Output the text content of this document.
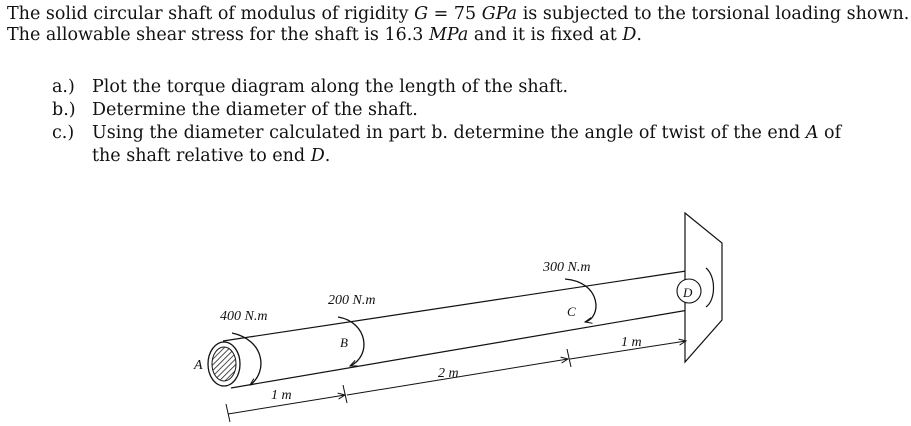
The solid circular shaft of modulus of rigidity G = 75 GPa is subjected to the torsional loading shown.

The allowable shear stress for the shaft is 16.3 MPa and it is fixed at D.

a.) Plot the torque diagram along the length of the shaft.
b.) Determine the diameter of the shaft.
c.)	Using the diameter calculated in part b. determine the angle of twist of the end A of
the shaft relative to end D.
400 N.m
200 N.m
300 N.m
A
B
C
D
1 m
2 m
1 m
